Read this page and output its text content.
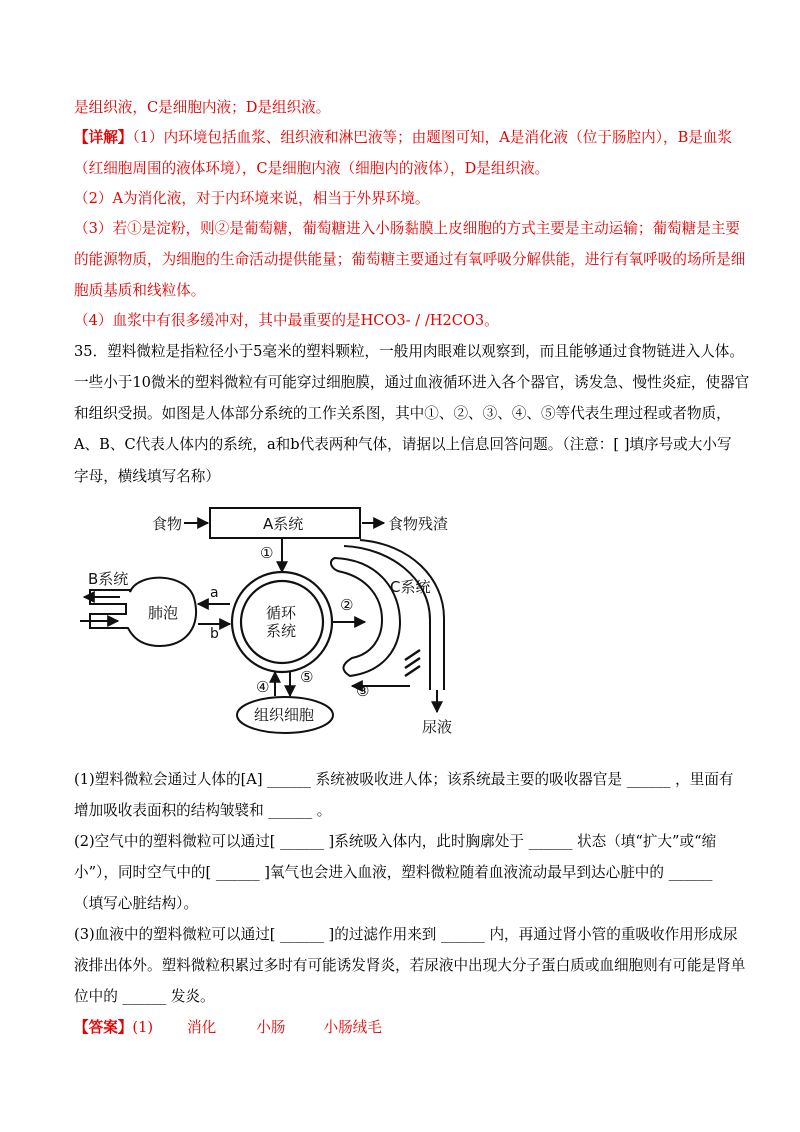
是组织液，C是细胞内液；D是组织液。
【详解】（1）内环境包括血浆、组织液和淋巴液等；由题图可知，A是消化液（位于肠腔内），B是血浆
（红细胞周围的液体环境），C是细胞内液（细胞内的液体），D是组织液。
（2）A为消化液，对于内环境来说，相当于外界环境。
（3）若①是淀粉，则②是葡萄糖，葡萄糖进入小肠黏膜上皮细胞的方式主要是主动运输；葡萄糖是主要
的能源物质，为细胞的生命活动提供能量；葡萄糖主要通过有氧呼吸分解供能，进行有氧呼吸的场所是细
胞质基质和线粒体。
（4）血浆中有很多缓冲对，其中最重要的是HCO3- / /H2CO3。
35．塑料微粒是指粒径小于5毫米的塑料颗粒，一般用肉眼难以观察到，而且能够通过食物链进入人体。
一些小于10微米的塑料微粒有可能穿过细胞膜，通过血液循环进入各个器官，诱发急、慢性炎症，使器官
和组织受损。如图是人体部分系统的工作关系图，其中①、②、③、④、⑤等代表生理过程或者物质，
A、B、C代表人体内的系统，a和b代表两种气体，请据以上信息回答问题。（注意：[ ]填序号或大小写
字母，横线填写名称）
A系统
食物	食物残渣
①
循环
系统
肺泡
B系统
a
b
C系统
②
③
尿液
④
⑤
组织细胞
(1)塑料微粒会通过人体的[A] ______ 系统被吸收进人体；该系统最主要的吸收器官是 ______ ，里面有
增加吸收表面积的结构皱襞和 ______ 。
(2)空气中的塑料微粒可以通过[ ______ ]系统吸入体内，此时胸廓处于 ______ 状态（填“扩大”或“缩
小”），同时空气中的[ ______ ]氧气也会进入血液，塑料微粒随着血液流动最早到达心脏中的 ______
（填写心脏结构）。
(3)血液中的塑料微粒可以通过[ ______ ]的过滤作用来到 ______ 内，再通过肾小管的重吸收作用形成尿
液排出体外。塑料微粒积累过多时有可能诱发肾炎，若尿液中出现大分子蛋白质或血细胞则有可能是肾单
位中的 ______ 发炎。
【答案】(1) 消化	小肠	小肠绒毛
